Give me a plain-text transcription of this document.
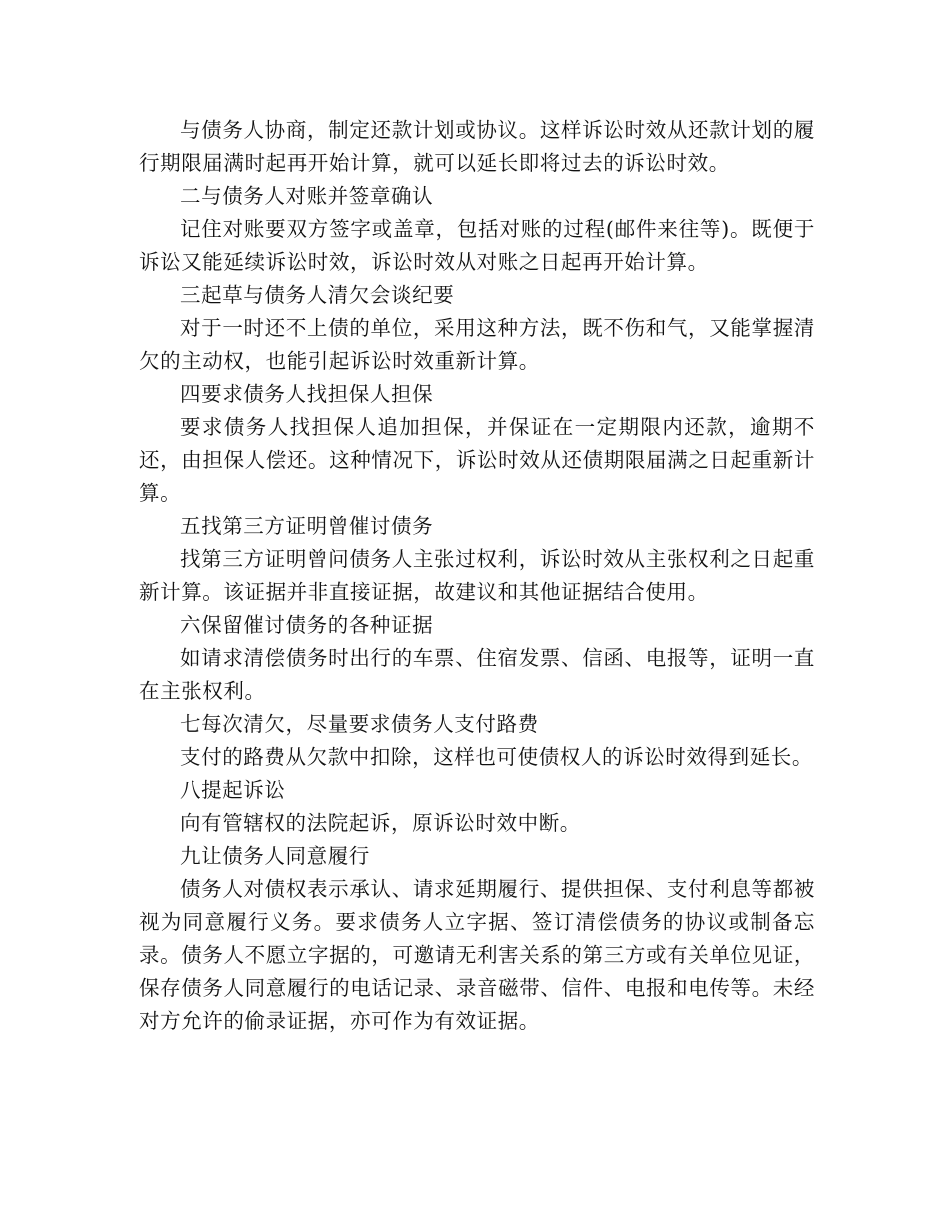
与债务人协商，制定还款计划或协议。这样诉讼时效从还款计划的履行期限届满时起再开始计算，就可以延长即将过去的诉讼时效。

二与债务人对账并签章确认

记住对账要双方签字或盖章，包括对账的过程(邮件来往等)。既便于诉讼又能延续诉讼时效，诉讼时效从对账之日起再开始计算。

三起草与债务人清欠会谈纪要

对于一时还不上债的单位，采用这种方法，既不伤和气，又能掌握清欠的主动权，也能引起诉讼时效重新计算。

四要求债务人找担保人担保

要求债务人找担保人追加担保，并保证在一定期限内还款，逾期不还，由担保人偿还。这种情况下，诉讼时效从还债期限届满之日起重新计算。

五找第三方证明曾催讨债务

找第三方证明曾问债务人主张过权利，诉讼时效从主张权利之日起重新计算。该证据并非直接证据，故建议和其他证据结合使用。

六保留催讨债务的各种证据

如请求清偿债务时出行的车票、住宿发票、信函、电报等，证明一直在主张权利。

七每次清欠，尽量要求债务人支付路费

支付的路费从欠款中扣除，这样也可使债权人的诉讼时效得到延长。

八提起诉讼

向有管辖权的法院起诉，原诉讼时效中断。

九让债务人同意履行

债务人对债权表示承认、请求延期履行、提供担保、支付利息等都被视为同意履行义务。要求债务人立字据、签订清偿债务的协议或制备忘录。债务人不愿立字据的，可邀请无利害关系的第三方或有关单位见证，保存债务人同意履行的电话记录、录音磁带、信件、电报和电传等。未经对方允许的偷录证据，亦可作为有效证据。
